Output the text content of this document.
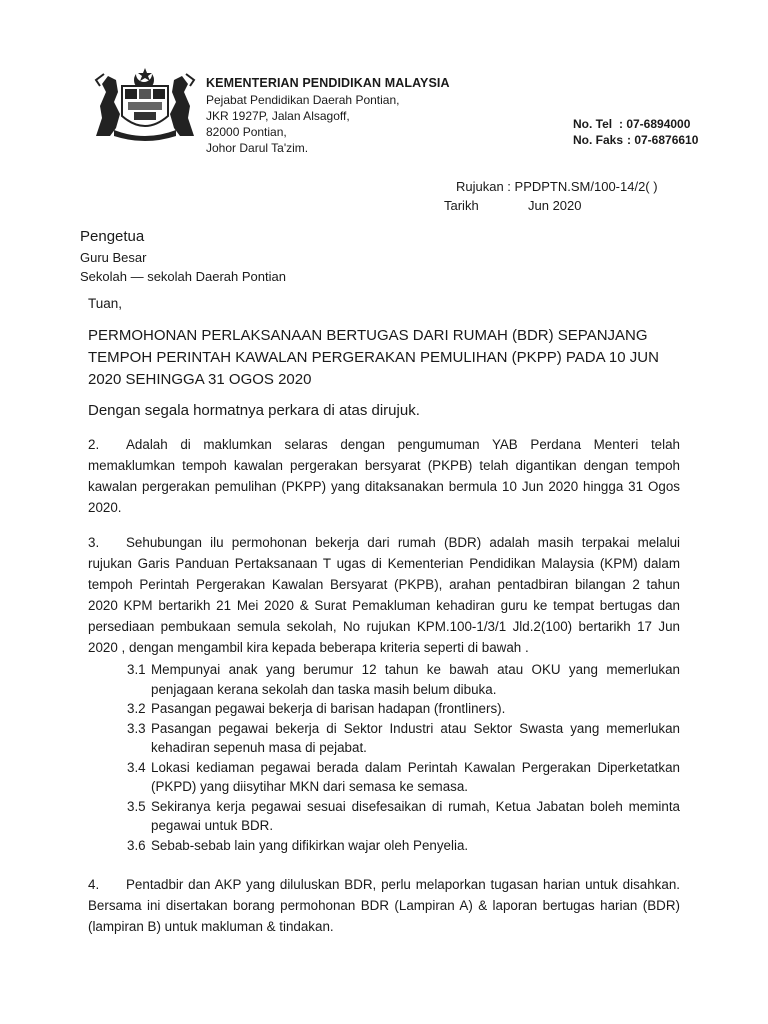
KEMENTERIAN PENDIDIKAN MALAYSIA
Pejabat Pendidikan Daerah Pontian,
JKR 1927P, Jalan Alsagoff,
82000 Pontian,
Johor Darul Ta'zim.
No. Tel : 07-6894000
No. Faks : 07-6876610
Rujukan : PPDPTN.SM/100-14/2( )
Tarikh	Jun 2020
Pengetua
Guru Besar
Sekolah — sekolah Daerah Pontian
Tuan,
PERMOHONAN PERLAKSANAAN BERTUGAS DARI RUMAH (BDR) SEPANJANG
TEMPOH PERINTAH KAWALAN PERGERAKAN PEMULIHAN (PKPP) PADA 10 JUN
2020 SEHINGGA 31 OGOS 2020
Dengan segala hormatnya perkara di atas dirujuk.
2. Adalah di maklumkan selaras dengan pengumuman YAB Perdana Menteri telah memaklumkan tempoh kawalan pergerakan bersyarat (PKPB) telah digantikan dengan tempoh kawalan pergerakan pemulihan (PKPP) yang ditaksanakan bermula 10 Jun 2020 hingga 31 Ogos 2020.
3. Sehubungan ilu permohonan bekerja dari rumah (BDR) adalah masih terpakai melalui rujukan Garis Panduan Pertaksanaan T ugas di Kementerian Pendidikan Malaysia (KPM) dalam tempoh Perintah Pergerakan Kawalan Bersyarat (PKPB), arahan pentadbiran bilangan 2 tahun 2020 KPM bertarikh 21 Mei 2020 & Surat Pemakluman kehadiran guru ke tempat bertugas dan persediaan pembukaan semula sekolah, No rujukan KPM.100-1/3/1 Jld.2(100) bertarikh 17 Jun 2020 , dengan mengambil kira kepada beberapa kriteria seperti di bawah .
3.1 Mempunyai anak yang berumur 12 tahun ke bawah atau OKU yang memerlukan penjagaan kerana sekolah dan taska masih belum dibuka.
3.2 Pasangan pegawai bekerja di barisan hadapan (frontliners).
3.3 Pasangan pegawai bekerja di Sektor Industri atau Sektor Swasta yang memerlukan kehadiran sepenuh masa di pejabat.
3.4 Lokasi kediaman pegawai berada dalam Perintah Kawalan Pergerakan Diperketatkan (PKPD) yang diisytihar MKN dari semasa ke semasa.
3.5 Sekiranya kerja pegawai sesuai disefesaikan di rumah, Ketua Jabatan boleh meminta pegawai untuk BDR.
3.6 Sebab-sebab lain yang difikirkan wajar oleh Penyelia.
4. Pentadbir dan AKP yang diluluskan BDR, perlu melaporkan tugasan harian untuk disahkan. Bersama ini disertakan borang permohonan BDR (Lampiran A) & laporan bertugas harian (BDR) (lampiran B) untuk makluman & tindakan.
